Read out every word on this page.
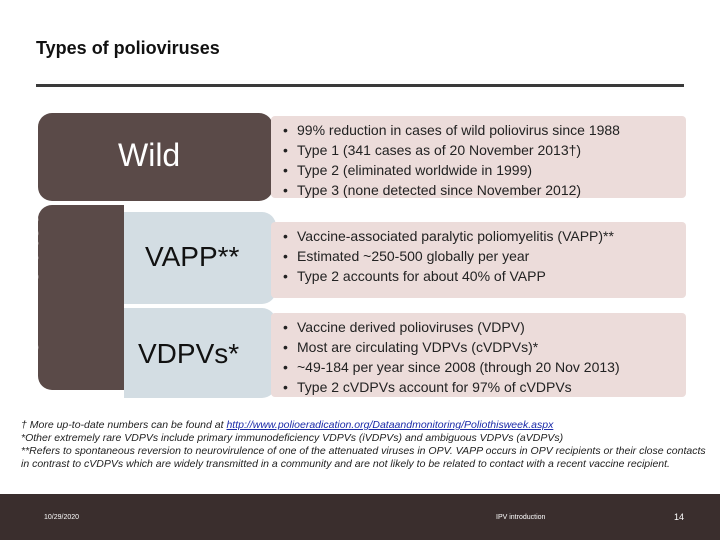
Types of polioviruses
Wild
• 99% reduction in cases of wild poliovirus since 1988
• Type 1 (341 cases as of 20 November 2013†)
• Type 2 (eliminated worldwide in 1999)
• Type 3 (none detected since November 2012)
OPV related	VAPP**
• Vaccine-associated paralytic poliomyelitis (VAPP)**
• Estimated ~250-500 globally per year
• Type 2 accounts for about 40% of VAPP
VDPVs*
• Vaccine derived polioviruses (VDPV)
• Most are circulating VDPVs (cVDPVs)*
• ~49-184 per year since 2008 (through 20 Nov 2013)
• Type 2 cVDPVs account for 97% of cVDPVs
† More up-to-date numbers can be found at http://www.polioeradication.org/Dataandmonitoring/Poliothisweek.aspx
*Other extremely rare VDPVs include primary immunodeficiency VDPVs (iVDPVs) and ambiguous VDPVs (aVDPVs)
**Refers to spontaneous reversion to neurovirulence of one of the attenuated viruses in OPV. VAPP occurs in OPV recipients or their close contacts in contrast to cVDPVs which are widely transmitted in a community and are not likely to be related to contact with a recent vaccine recipient.
10/29/2020	IPV introduction	14
